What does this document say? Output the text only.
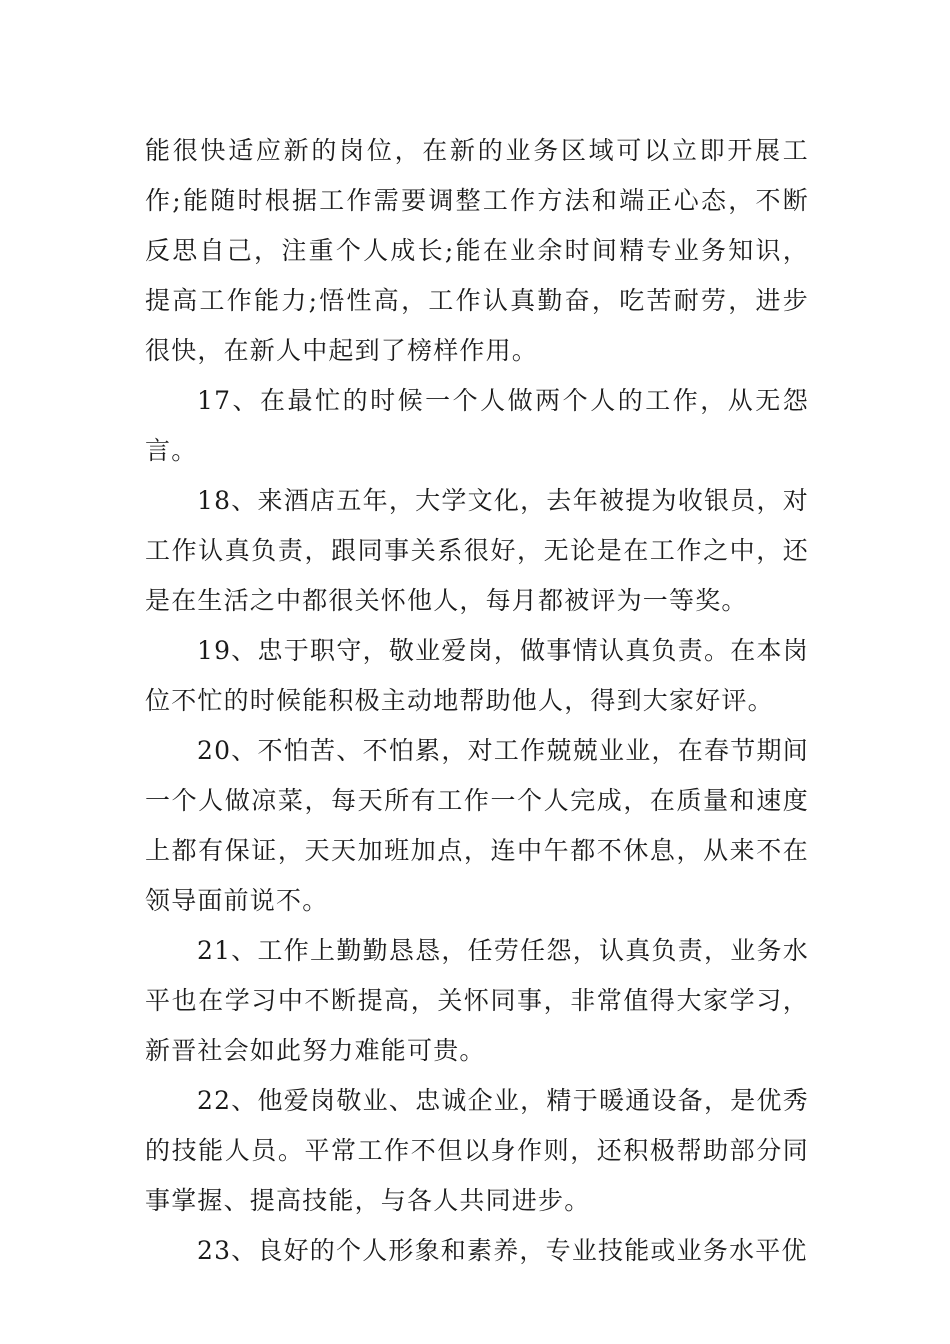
能很快适应新的岗位，在新的业务区域可以立即开展工作;能随时根据工作需要调整工作方法和端正心态，不断反思自己，注重个人成长;能在业余时间精专业务知识，提高工作能力;悟性高，工作认真勤奋，吃苦耐劳，进步很快，在新人中起到了榜样作用。

17、在最忙的时候一个人做两个人的工作，从无怨言。

18、来酒店五年，大学文化，去年被提为收银员，对工作认真负责，跟同事关系很好，无论是在工作之中，还是在生活之中都很关怀他人，每月都被评为一等奖。

19、忠于职守，敬业爱岗，做事情认真负责。在本岗位不忙的时候能积极主动地帮助他人，得到大家好评。

20、不怕苦、不怕累，对工作兢兢业业，在春节期间一个人做凉菜，每天所有工作一个人完成，在质量和速度上都有保证，天天加班加点，连中午都不休息，从来不在领导面前说不。

21、工作上勤勤恳恳，任劳任怨，认真负责，业务水平也在学习中不断提高，关怀同事，非常值得大家学习，新晋社会如此努力难能可贵。

22、他爱岗敬业、忠诚企业，精于暖通设备，是优秀的技能人员。平常工作不但以身作则，还积极帮助部分同事掌握、提高技能，与各人共同进步。

23、良好的个人形象和素养，专业技能或业务水平优
